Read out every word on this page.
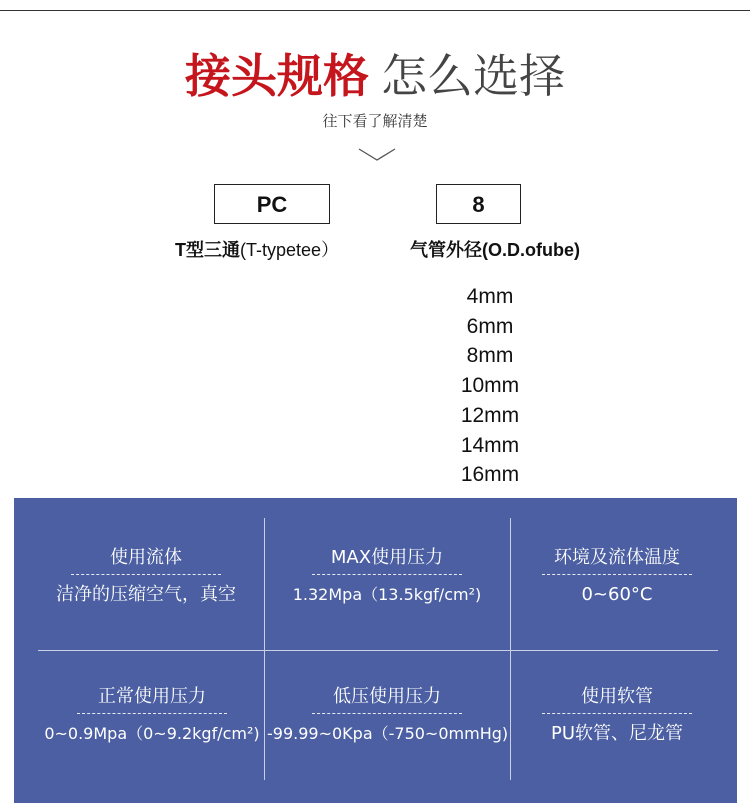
接头规格 怎么选择
往下看了解清楚
PC	8
T型三通(T-typetee）	气管外径(O.D.ofube)
4mm
6mm
8mm
10mm
12mm
14mm
16mm
使用流体
洁净的压缩空气，真空
MAX使用压力
1.32Mpa（13.5kgf/cm²)
环境及流体温度
0~60°C
正常使用压力
0~0.9Mpa（0~9.2kgf/cm²)
低压使用压力
-99.99~0Kpa（-750~0mmHg)
使用软管
PU软管、尼龙管
